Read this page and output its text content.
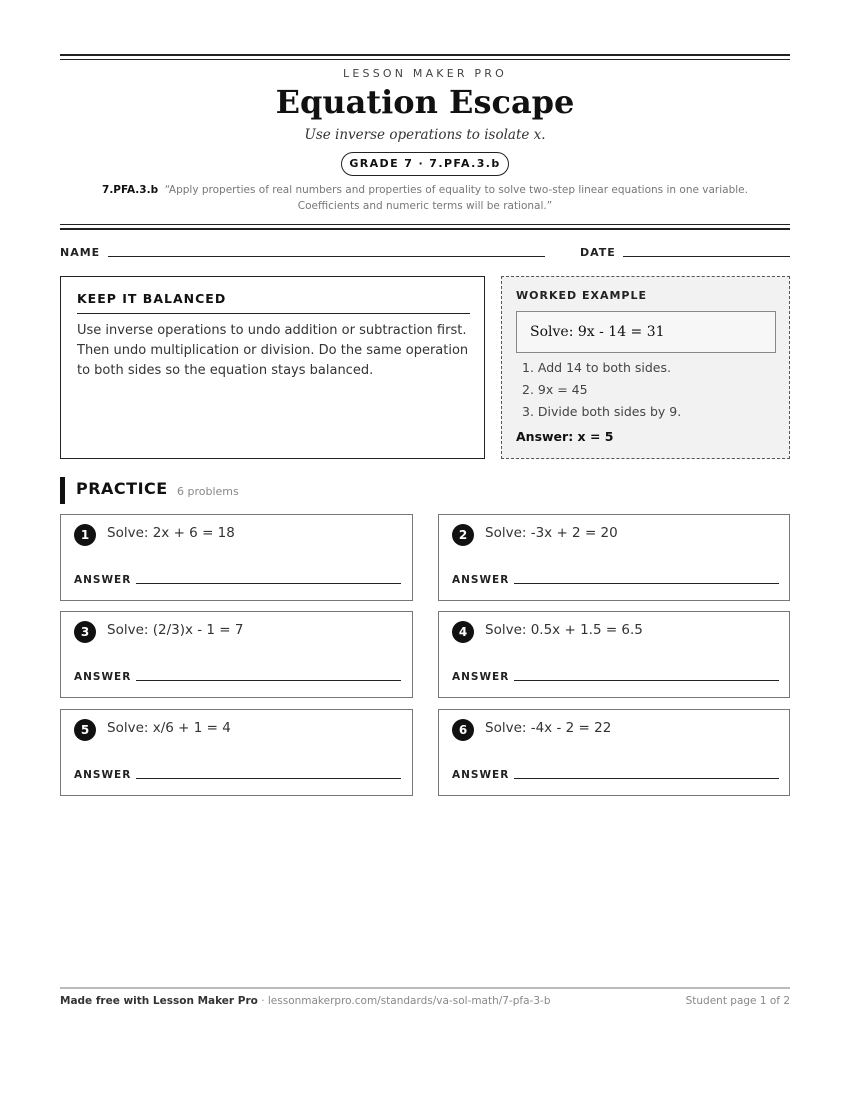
LESSON MAKER PRO
Equation Escape
Use inverse operations to isolate x.
GRADE 7 · 7.PFA.3.b
7.PFA.3.b “Apply properties of real numbers and properties of equality to solve two-step linear equations in one variable. Coefficients and numeric terms will be rational.”
NAME	DATE
KEEP IT BALANCED
Use inverse operations to undo addition or subtraction first. Then undo multiplication or division. Do the same operation to both sides so the equation stays balanced.
WORKED EXAMPLE
Solve: 9x - 14 = 31
1. Add 14 to both sides.
2. 9x = 45
3. Divide both sides by 9.
Answer: x = 5
PRACTICE 6 problems
1	Solve: 2x + 6 = 18
ANSWER
2	Solve: -3x + 2 = 20
ANSWER
3	Solve: (2/3)x - 1 = 7
ANSWER
4	Solve: 0.5x + 1.5 = 6.5
ANSWER
5	Solve: x/6 + 1 = 4
ANSWER
6	Solve: -4x - 2 = 22
ANSWER
Made free with Lesson Maker Pro · lessonmakerpro.com/standards/va-sol-math/7-pfa-3-b	Student page 1 of 2
